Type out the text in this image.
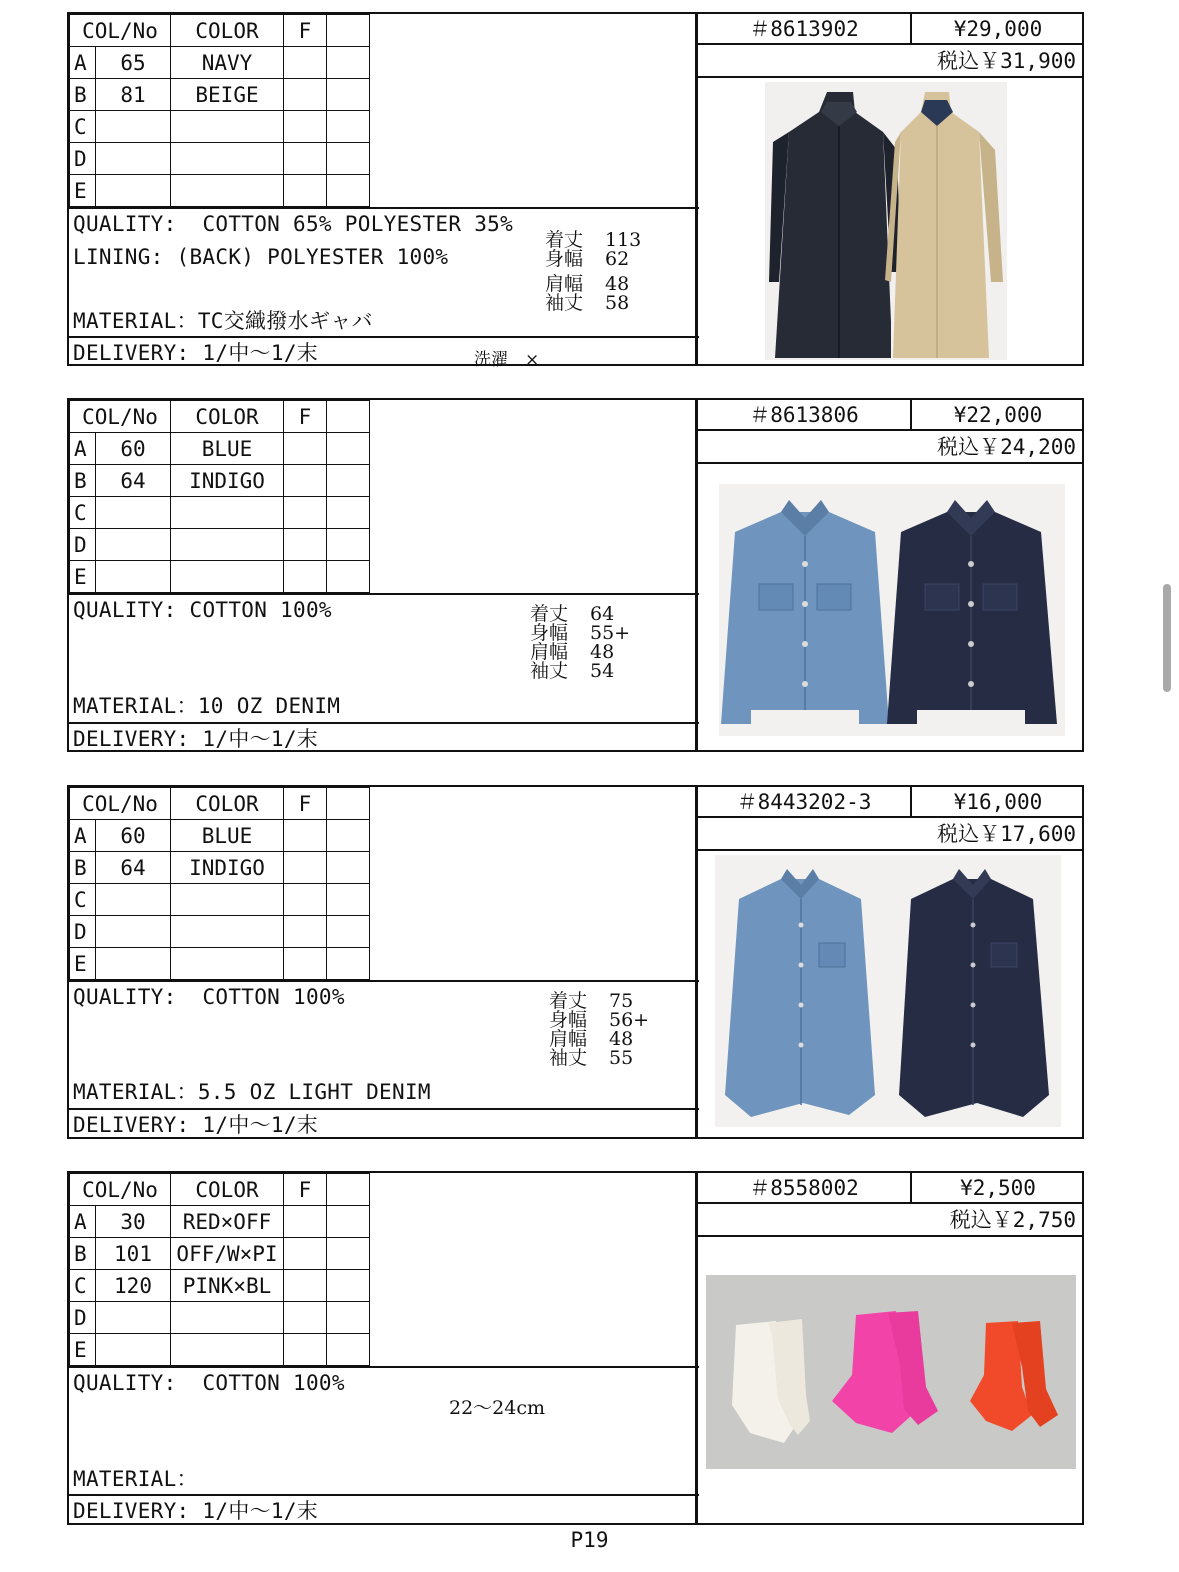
COL/No		COLOR	F	
A	65	NAVY		
B	81	BEIGE		
C				
D				
E				
QUALITY: COTTON 65% POLYESTER 35%
LINING: (BACK) POLYESTER 100%
着丈	113
身幅	62
肩幅	48
袖丈	58
MATERIAL：TC交織撥水ギャバ
DELIVERY: 1/中～1/末	洗濯　×
＃8613902	¥29,000
税込￥31,900
COL/No		COLOR	F	
A	60	BLUE		
B	64	INDIGO		
C				
D				
E				
QUALITY: COTTON 100%	着丈	64
身幅	55+
肩幅	48
袖丈	54
MATERIAL：10 OZ DENIM
DELIVERY: 1/中～1/末
＃8613806	¥22,000
税込￥24,200
COL/No		COLOR	F	
A	60	BLUE		
B	64	INDIGO		
C				
D				
E				
QUALITY: COTTON 100%	着丈	75
身幅	56+
肩幅	48
袖丈	55
MATERIAL：5.5 OZ LIGHT DENIM
DELIVERY: 1/中～1/末
＃8443202-3	¥16,000
税込￥17,600
COL/No		COLOR	F	
A	30	RED×OFF		
B	101	OFF/W×PI		
C	120	PINK×BL		
D				
E				
QUALITY: COTTON 100%
22～24cm
MATERIAL：
DELIVERY: 1/中～1/末
＃8558002	¥2,500
税込￥2,750
P19
